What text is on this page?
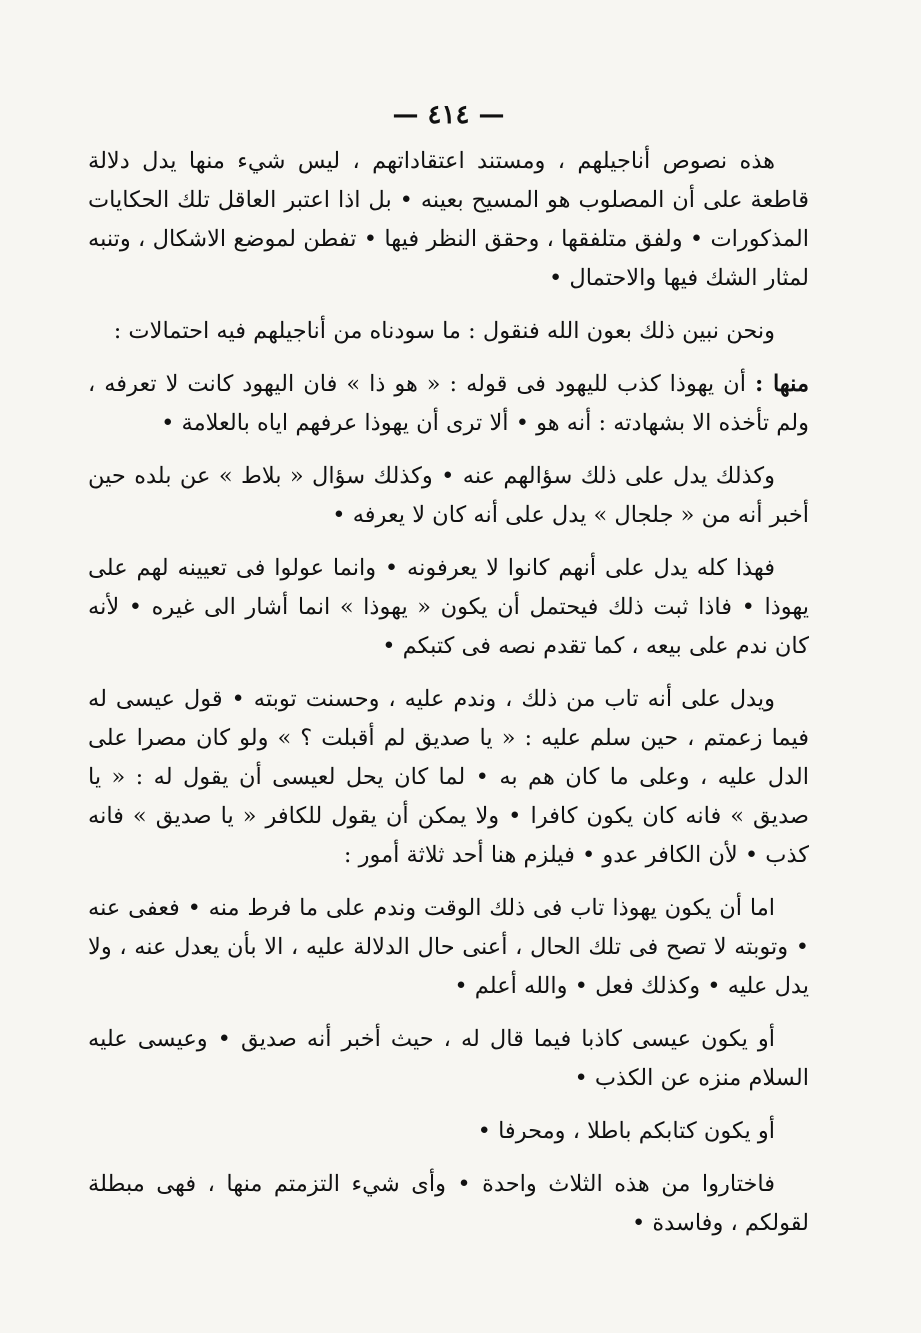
— ٤١٤ —

هذه نصوص أناجيلهم ، ومستند اعتقاداتهم ، ليس شيء منها يدل دلالة قاطعة على أن المصلوب هو المسيح بعينه • بل اذا اعتبر العاقل تلك الحكايات المذكورات • ولفق متلفقها ، وحقق النظر فيها • تفطن لموضع الاشكال ، وتنبه لمثار الشك فيها والاحتمال •

ونحن نبين ذلك بعون الله فنقول : ما سودناه من أناجيلهم فيه احتمالات :

منها : أن يهوذا كذب لليهود فى قوله : « هو ذا » فان اليهود كانت لا تعرفه ، ولم تأخذه الا بشهادته : أنه هو • ألا ترى أن يهوذا عرفهم اياه بالعلامة •

وكذلك يدل على ذلك سؤالهم عنه • وكذلك سؤال « بلاط » عن بلده حين أخبر أنه من « جلجال » يدل على أنه كان لا يعرفه •

فهذا كله يدل على أنهم كانوا لا يعرفونه • وانما عولوا فى تعيينه لهم على يهوذا • فاذا ثبت ذلك فيحتمل أن يكون « يهوذا » انما أشار الى غيره • لأنه كان ندم على بيعه ، كما تقدم نصه فى كتبكم •

ويدل على أنه تاب من ذلك ، وندم عليه ، وحسنت توبته • قول عيسى له فيما زعمتم ، حين سلم عليه : « يا صديق لم أقبلت ؟ » ولو كان مصرا على الدل عليه ، وعلى ما كان هم به • لما كان يحل لعيسى أن يقول له : « يا صديق » فانه كان يكون كافرا • ولا يمكن أن يقول للكافر « يا صديق » فانه كذب • لأن الكافر عدو • فيلزم هنا أحد ثلاثة أمور :

اما أن يكون يهوذا تاب فى ذلك الوقت وندم على ما فرط منه • فعفى عنه • وتوبته لا تصح فى تلك الحال ، أعنى حال الدلالة عليه ، الا بأن يعدل عنه ، ولا يدل عليه • وكذلك فعل • والله أعلم •

أو يكون عيسى كاذبا فيما قال له ، حيث أخبر أنه صديق • وعيسى عليه السلام منزه عن الكذب •

أو يكون كتابكم باطلا ، ومحرفا •

فاختاروا من هذه الثلاث واحدة • وأى شيء التزمتم منها ، فهى مبطلة لقولكم ، وفاسدة •
